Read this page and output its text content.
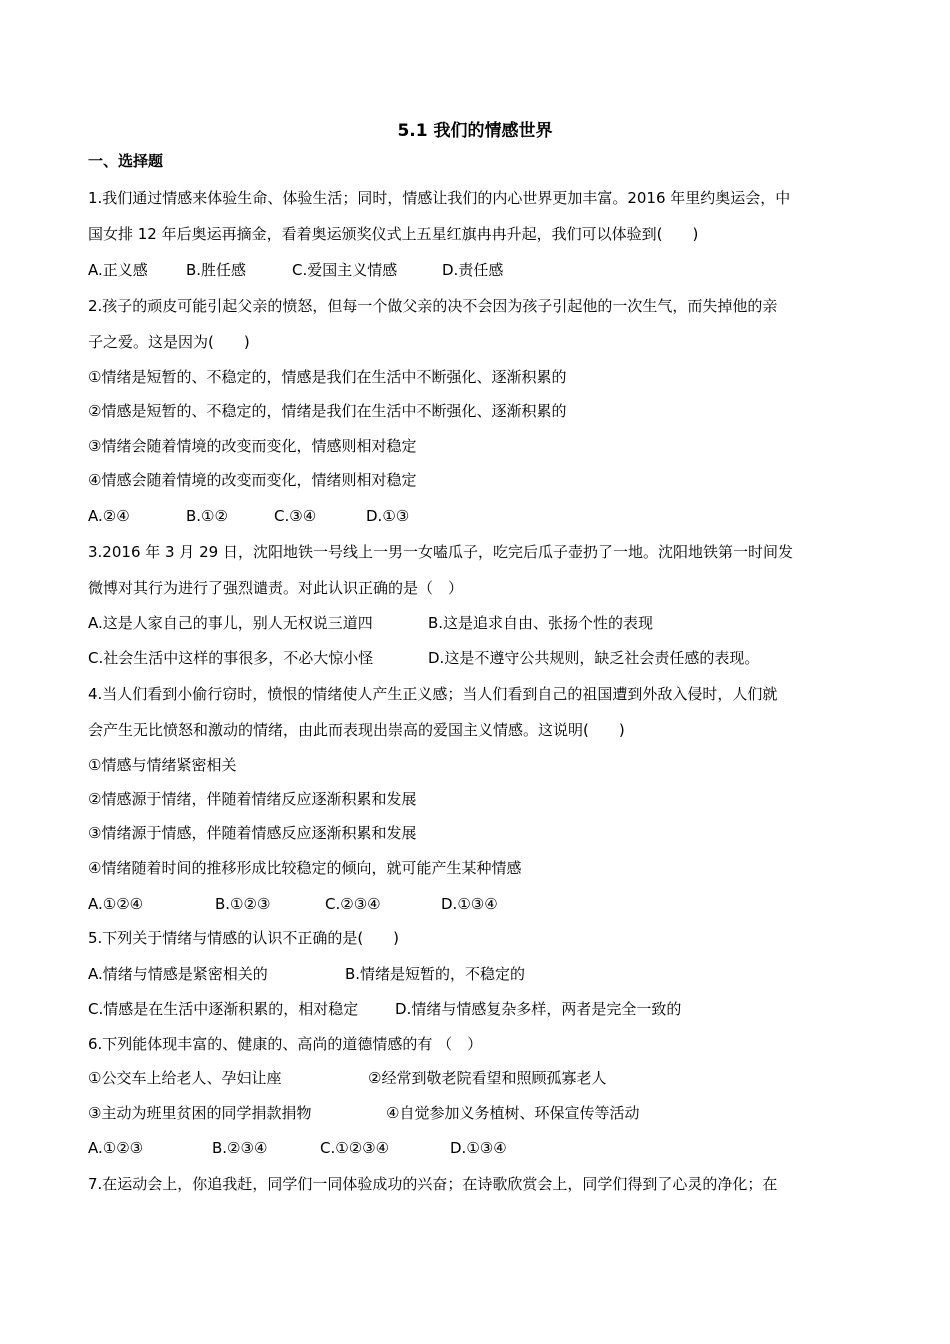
5.1 我们的情感世界
一、选择题
1.我们通过情感来体验生命、体验生活；同时，情感让我们的内心世界更加丰富。2016 年里约奥运会，中
国女排 12 年后奥运再摘金，看着奥运颁奖仪式上五星红旗冉冉升起，我们可以体验到(　　)
A.正义感	B.胜任感	C.爱国主义情感	D.责任感
2.孩子的顽皮可能引起父亲的愤怒，但每一个做父亲的决不会因为孩子引起他的一次生气，而失掉他的亲
子之爱。这是因为(　　)
①情绪是短暂的、不稳定的，情感是我们在生活中不断强化、逐渐积累的
②情感是短暂的、不稳定的，情绪是我们在生活中不断强化、逐渐积累的
③情绪会随着情境的改变而变化，情感则相对稳定
④情感会随着情境的改变而变化，情绪则相对稳定
A.②④	B.①②	C.③④	D.①③
3.2016 年 3 月 29 日，沈阳地铁一号线上一男一女嗑瓜子，吃完后瓜子壶扔了一地。沈阳地铁第一时间发
微博对其行为进行了强烈谴责。对此认识正确的是（　）
A.这是人家自己的事儿，别人无权说三道四	B.这是追求自由、张扬个性的表现
C.社会生活中这样的事很多，不必大惊小怪	D.这是不遵守公共规则，缺乏社会责任感的表现。
4.当人们看到小偷行窃时，愤恨的情绪使人产生正义感；当人们看到自己的祖国遭到外敌入侵时，人们就
会产生无比愤怒和激动的情绪，由此而表现出崇高的爱国主义情感。这说明(　　)
①情感与情绪紧密相关
②情感源于情绪，伴随着情绪反应逐渐积累和发展
③情绪源于情感，伴随着情感反应逐渐积累和发展
④情绪随着时间的推移形成比较稳定的倾向，就可能产生某种情感
A.①②④	B.①②③	C.②③④	D.①③④
5.下列关于情绪与情感的认识不正确的是(　　)
A.情绪与情感是紧密相关的	B.情绪是短暂的，不稳定的
C.情感是在生活中逐渐积累的，相对稳定 D.情绪与情感复杂多样，两者是完全一致的
6.下列能体现丰富的、健康的、高尚的道德情感的有 （　）
①公交车上给老人、孕妇让座	②经常到敬老院看望和照顾孤寡老人
③主动为班里贫困的同学捐款捐物	④自觉参加义务植树、环保宣传等活动
A.①②③	B.②③④	C.①②③④	D.①③④
7.在运动会上，你追我赶，同学们一同体验成功的兴奋；在诗歌欣赏会上，同学们得到了心灵的净化；在
